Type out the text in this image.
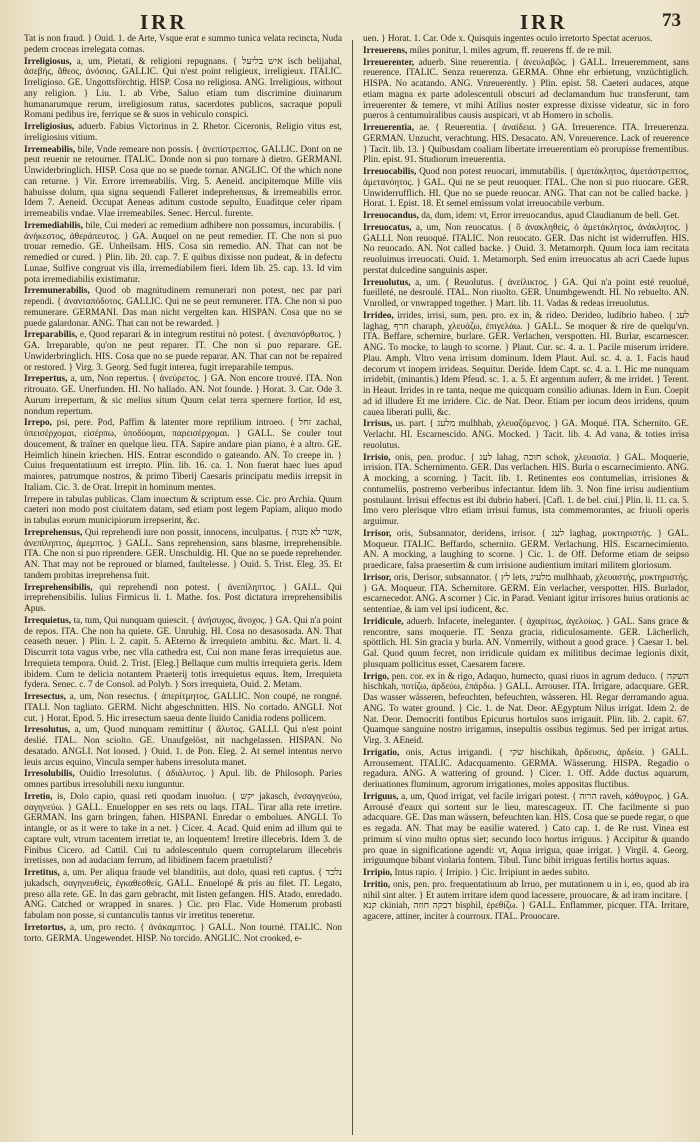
IRR	IRR	73
Tat is non fraud. } Ouid. 1. de Arte, Vsque erat e summo tunica velata recincta, Nuda pedem croceas irrelegata comas.
Irreligiosus, a, um, Pietati, & religioni repugnans. { איש בליעל isch belijahal, ἀσεβής, ἄθεος, ἀνόσιος. GALLIC. Qui n'est point religieux, irreligieux. ITALIC. Irreligioso. GE. Ungottsförchtig. HISP. Cosa no religiosa. ANG. Irreligious, without any religion. } Liu. 1. ab Vrbe, Saluo etiam tum discrimine diuinarum humanarumque rerum, irreligiosum ratus, sacerdotes publicos, sacraque populi Romani pedibus ire, ferrique se & suos in vehiculo conspici.
Irreligiosius, aduerb. Fabius Victorinus in 2. Rhetor. Ciceronis, Religio vitus est, irreligiosius vitium.
Irremeabilis, bile, Vnde remeare non possis. { ἀνεπίστρεπτος. GALLIC. Dont on ne peut reuenir ne retourner. ITALIC. Donde non si puo tornare à dietro. GERMANI. Unwiderbringlich. HISP. Cosa que no se puede tornar. ANGLIC. Of the which none can returne. } Vir. Errore irremeabilis. Virg. 5. Aeneid. ancipitemque Mille viis habuisse dolum, qua signa sequendi Falleret indeprehensus, & irremeabilis error. Idem 7. Aeneid. Occupat Aeneas aditum custode sepulto, Euaditque celer ripam irremeabilis vndae. Vlae irremeabiles. Senec. Hercul. furente.
Irremediabilis, bile, Cui mederi ac remedium adhibere non possumus, incurabilis. { ἀνήκεστος, ἀθεράπευτος. } GA. Auquel on ne peut remedier. IT. Che non si puo trouar remedio. GE. Unheilsam. HIS. Cosa sin remedio. AN. That can not be remedied or cured. } Plin. lib. 20. cap. 7. E quibus dixisse non pudeat, & in defectu Lunae, Sulfive congruat vis illa, irremediabilem fieri. Idem lib. 25. cap. 13. Id vim pota irremediabilis existimatur.
Irremunerabilis, Quod ob magnitudinem remunerari non potest, nec par pari rependi. { ἀνανταπόδοτος. GALLIC. Qui ne se peut remunerer. ITA. Che non si puo remunerare. GERMANI. Das man nicht vergelten kan. HISPAN. Cosa que no se puede galardonar. ANG. That can not be rewarded. }
Irreparabilis, e, Quod reparari & in integrum restitui nò potest. { ἀνεπανόρθωτος. } GA. Irreparable, qu'on ne peut reparer. IT. Che non si puo reparare. GE. Unwiderbringlich. HIS. Cosa que no se puede reparar. AN. That can not be repaired or restored. } Virg. 3. Georg. Sed fugit interea, fugit irreparabile tempus.
Irrepertus, a, um, Non repertus. { ἀνεύρετος. } GA. Non encore trouvé. ITA. Non ritrouato. GE. Unerfunden. HI. No hallado. AN. Not founde. } Horat. 3. Car. Ode 3. Aurum irrepertum, & sic melius situm Quum celat terra spernere fortior, Id est, nondum repertum.
Irrepo, psi, pere. Pod, Paffim & latenter more reptilium introeo. { זחל zachal, ὑπεισέρχομαι, εἰσέρπω, ὑποδύομαι, παρεισέρχομαι. } GALL. Se couler tout doucement, & traîner en quelque lieu. ITA. Sapire andare pian piano, è a altro. GE. Heimlich hinein kriechen. HIS. Entrar escondido o gateando. AN. To creepe in. } Cuius frequentatiuum est irrepto. Plin. lib. 16. ca. 1. Non fuerat haec lues apud maiores, patrumque nostros, & primo Tiberij Caesaris principatu mediis irrepsit in Italiam. Cic. 3. de Orat. Irrepit in hominum mentes.
Irrepere in tabulas publicas. Clam inuectum & scriptum esse. Cic. pro Archia. Quum caeteri non modo post ciuitatem datam, sed etiam post legem Papiam, aliquo modo in tabulas eorum municipiorum irrepserint, &c.
Irreprehensus, Qui reprehendi iure non possit, innocens, inculpatus. { אשר לא מנוה, ἀνεπίληπτος, ἀμεμπτος. } GALL. Sans reprehension, sans blasme, irreprehensible. ITA. Che non si puo riprendere. GER. Unschuldig. HI. Que no se puede reprehender. AN. That may not be reproued or blamed, faultelesse. } Ouid. 5. Trist. Eleg. 35. Et tandem probitas irreprehensa fuit.
Irreprehensibilis, qui reprehendi non potest. { ἀνεπίληπτος. } GALL. Qui irreprehensibilis. Iulius Firmicus li. 1. Mathe. fos. Post dictatura irreprehensibilis Apus.
Irrequietus, ta, tum, Qui nunquam quiescit. { ἀνήσυχος, ἄνοχος. } GA. Qui n'a point de repos. ITA. Che non ha quiete. GE. Unruhig. HI. Cosa no desasosada. AN. That ceaseth neuer. } Plin. l. 2. capit. 5. AEterno & irrequieto ambitu. &c. Mart. li. 4. Discurrit tota vagus vrbe, nec vlla cathedra est, Cui non mane feras irrequietus aue. Irrequieta tempora. Ouid. 2. Trist. [Eleg.] Bellaque cum multis irrequieta geris. Idem ibidem. Cum te delicia notantem Praeterij totis irrequietus equus. Item, Irrequieta fydera. Senec. c. 7 de Consol. ad Polyb. } Sors irrequieta, Ouid. 2. Metam.
Irresectus, a, um, Non resectus. { ἀπερίτμητος. GALLIC. Non coupé, ne rongné. ITALI. Non tagliato. GERM. Nicht abgeschnitten. HIS. No cortado. ANGLI. Not cut. } Horat. Epod. 5. Hic irresectum saeua dente liuido Canidia rodens pollicem.
Irresolutus, a, um, Quod nunquam remittitur { ἄλυτος. GALLI. Qui n'est point deslié. ITAL. Non sciolto. GE. Unaufgelöst, nit nachgelassen. HISPAN. No desatado. ANGLI. Not loosed. } Ouid. 1. de Pon. Eleg. 2. At semel intentus nervo leuis arcus equino, Vincula semper habens irresoluta manet.
Irresolubilis, Ouidio Irresolutus. { ἀδιάλυτος. } Apul. lib. de Philosoph. Paries omnes partibus irresolubili nexu iunguntur.
Irretio, is, Dolo capio, quasi reti quodam inuoluo. { יקש jakasch, ἐνσαγηνεύω, σαγηνεύω. } GALL. Enuelopper en ses rets ou laqs. ITAL. Tirar alla rete irretire. GERMAN. Ins garn bringen, fahen. HISPANI. Enredar o embolues. ANGLI. To intangle, or as it were to take in a net. } Cicer. 4. Acad. Quid enim ad illum qui te captare vult, vtrum tacentem irretiat te, an loquentem! Irretire illecebris. Idem 3. de Finibus Cicero. ad Cattil. Cui tu adolescentulo quem corruptelarum illecebris irretisses, non ad audaciam ferrum, ad libidinem facem praetulisti?
Irretitus, a, um. Per aliqua fraude vel blanditiis, aut dolo, quasi reti captus. { נלכד jukadsch, σαγηνευθείς, ἐγκαθεσθείς. GALL. Enuelopé & pris au filet. IT. Legato, preso alla rete. GE. In das garn gebracht, mit listen gefangen. HIS. Atado, enredado. ANG. Catched or wrapped in snares. } Cic. pro Flac. Vide Homerum probasti fabulam non posse, si cuntanculis tantus vir irretitus teneretur.
Irretortus, a, um, pro recto. { ἀνάκαμπτος. } GALL. Non tourné. ITALIC. Non torto. GERMA. Ungewendet. HISP. No torcido. ANGLIC. Not crooked, e-
uen. } Horat. 1. Car. Ode x. Quisquis ingentes oculo irretorto Spectat aceruos.
Irreuerens, miles ponitur, l. miles agrum, ff. reuerens ff. de re mil.
Irreuerenter, aduerb. Sine reuerentia. { ἀνευλαβῶς. } GALL. Irreueremment, sans reuerence. ITALIC. Senza reuerenza. GERMA. Ohne ehr erbietung, vnzüchtiglich. HISPA. No acatando. ANG. Vnreuerently. } Plin. epist. 58. Caeteri audaces, atque etiam magna ex parte adolescentuli obscuri ad declamandum huc transferunt, tam irreuerenter & temere, vt mihi Atilius noster expresse dixisse videatur, sic in foro pueros à centumuiralibus causis auspicari, vt ab Homero in scholis.
Irreuerentia, ae. { Reuerentia. { ἀναίδεια. } GA. Irreuerence. ITA. Irreuerenza. GERMAN. Unzucht, verachtung. HIS. Desacato. AN. Vnreuerence. Lack of reuerence } Tacit. lib. 13. } Quibusdam coaliam libertate irreuerentiam eò prorupisse frementibus. Plin. epist. 91. Studiorum irreuerentia.
Irreuocabilis, Quod non potest reuocari, immutabilis. { ἀμετάκλητος, ἀμετάστρεπτος, ἀμετανόητος. } GAL. Qui ne se peut reuoquer. ITAL. Che non si puo riuocare. GER. Unwiderrufflich. HI. Que no se puede reuocar. ANG. That can not be called backe. } Horat. 1. Epist. 18. Et semel emissum volat irreuocabile verbum.
Irreuocandus, da, dum, idem: vt, Error irreuocandus, apud Claudianum de bell. Get.
Irreuocatus, a, um, Non reuocatus. { ὃ ἀνακληθείς, ὁ ἀμετάκλητος, ἀνάκλητος. } GALLI. Non reuoqué. ITALIC. Non reuocato. GER. Das nicht ist widerruffen. HIS. No reuocado. AN. Not called backe. } Ouid. 3. Metamorph. Quum loca iam recitata reuoluimus irreuocati. Ouid. 1. Metamorph. Sed enim irreuocatus ab acri Caede lupus perstat dulcedine sanguinis asper.
Irreuolutus, a, um. { Reuolutus. { ἀνείλικτος. } GA. Qui n'a point esté reuolué, fueilleté, ne desroulé. ITAL. Non riuolto. GER. Unumbgewendt. HI. No rebuelto. AN. Vnrolled, or vnwrapped together. } Mart. lib. 11. Vadas & redeas irreuolutus.
Irrideo, irrides, irrisi, sum, pen. pro. ex in, & rideo. Derideo, ludibrio habeo. { לעג laghag, חרף charaph, χλευάζω, ἐπιγελάω. } GALL. Se moquer & rire de quelqu'vn. ITA. Beffare, schernire, burlare. GER. Verlachen, verspotten. HI. Burlar, escarnescer. ANG. To mocke, to laugh to scorne. } Plaut. Cur. sc. 4. a. 1. Pacile miserum irridere. Plau. Amph. Vltro vena irrisum dominum. Idem Plaut. Aul. sc. 4. a. 1. Facis haud decorum vt inopem irrideas. Sequitur. Deride. Idem Capt. sc. 4. a. 1. Hic me nunquam irridebit, (minantis.) Idem Pfeud. sc. 1. a. 5. Et argentum auferr, & me irridet. } Terent. in Heaut. Irrides in re tanta, neque me quicquam consilio adiunas. Idem in Eun. Coepit ad id illudere Et me irridere. Cic. de Nat. Deor. Etiam per iocum deos irridens, quum cauea liberati pulli, &c.
Irrisus, us. part. { מלעג mulhhab, χλευαζόμενος. } GA. Moqué. ITA. Schernito. GE. Verlacht. HI. Escarnescido. ANG. Mocked. } Tacit. lib. 4. Ad vana, & toties irrisa reuolutus.
Irrisio, onis, pen. produc. { לעג lahag, חוכה schok, χλευασία. } GAL. Moquerie, irrision. ITA. Schernimento. GER. Das verlachen. HIS. Burla o escarnecimiento. ANG. A mocking, a scorning. } Tacit. lib. 1. Retinentes eos contumelias, irrisiones & contumeliis, postremo verberibus infectantur. Idem lib. 3. Non fine irrisu audientium postulaunt. Irrisui effectus est ibi dubrio haberi. [Cafl. 1. de bel. ciui.] Plin. li. 11. ca. 5. Imo vero plerisque vltro etiam irrisui fumus, ista commemorantes, ac friuoli operis arguimur.
Irrisor, oris, Subsannator, deridens, irrisor. { לעג laghag, μυκτηριστής. } GAL. Moqueur. ITALIC. Beffardo, schernito. GERM. Verlachung. HIS. Escarnecimiento. AN. A mocking, a laughing to scorne. } Cic. 1. de Off. Deforme etiam de seipso praedicare, falsa praesertim & cum irrisione audientium imitari militem gloriosum.
Irrisor, oris, Derisor, subsannator. { לץ lets, מלעיג mulhhaab, χλευαστής, μυκτηριστής. } GA. Moqueur. ITA. Schernitore. GERM. Ein verlacher, verspotter. HIS. Burlador, escarnecedor. ANG. A scorner } Cic. in Parad. Veniant igitur irrisores huius orationis ac sententiae, & iam vel ipsi iudicent, &c.
Irridicule, aduerb. Infacete, ineleganter. { ἀχαρίτως, ἀγελοίως. } GAL. Sans grace & rencontre, sans moquerie. IT. Senza gracia, ridiculosamente. GER. Lächerlich, spöttlich. HI. Sin gracia y burla. AN. Vnmerrily, without a good grace. } Caesar 1. bel. Gal. Quod quum fecret, non irridicule quidam ex militibus decimae legionis dixit, plusquam pollicitus esset, Caesarem facere.
Irrigo, pen. cor. ex in & rigo, Adaquo, humecto, quasi riuos in agrum deduco. { השקה hischkah, ποτίζω, ἀρδεύω, ἐπάρδω. } GALL. Arrouser. ITA. Irrigare, adacquare. GER. Das wasser wässeren, befeuchten, befeuchten, wässeren. HI. Regar derramando agua. ANG. To water ground. } Cic. 1. de Nat. Deor. AEgyptum Nilus irrigat. Idem 2. de Nat. Deor. Democriti fontibus Epicurus hortulos suos irrigauit. Plin. lib. 2. capit. 67. Quamque sanguine nostro irrigamus, insepultis ossibus tegimus. Sed per irrigat artus. Virg. 3. AEneid.
Irrigatio, onis, Actus irrigandi. { שקי hischikah, ἄρδευσις, ἀρδεία. } GALL. Arrousement. ITALIC. Adacquamento. GERMA. Wässerung. HISPA. Regadio o regadura. ANG. A wattering of ground. } Cicer. 1. Off. Adde ductus aquarum, deriuationes fluminum, agrorum irrigationes, moles appositas fluctibus.
Irriguus, a, um, Quod irrigat, vel facile irrigari potest. { הרוה raveh, κάθυγρος. } GA. Arrousé d'eaux qui sortent sur le lieu, marescageux. IT. Che facilmente si puo adacquare. GE. Das man wässern, befeuchten kan. HIS. Cosa que se puede regar, o que es regada. AN. That may be easilie watered. } Cato cap. 1. de Re rust. Vinea est primum si vino multo optus siet; secundo loco hortus irriguus. } Accipitur & quando pro quae in significatione agendi: vt, Aqua irrigua, quae irrigat. } Virgil. 4. Georg. irriguumque bibant violaria fontem. Tibul. Tunc bibit irriguas fertilis hortus aquas.
Irripio, Intus rapio. { Irripio. } Cic. Irripiunt in aedes subito.
Irritio, onis, pen. pro. frequentatiuum ab Irruo, per mutationem u in i, eo, quod ab ira nihil sint alter. } Et autem irritare idem quod lacessere, prouocare, & ad iram incitare. { קנא ckiniah, דבקה חוזה bisphil, ἐρεθίζω. } GALL. Enflammer, picquer. ITA. Irritare, agacere, attiner, inciter à courroux. ITAL. Prouocare.
